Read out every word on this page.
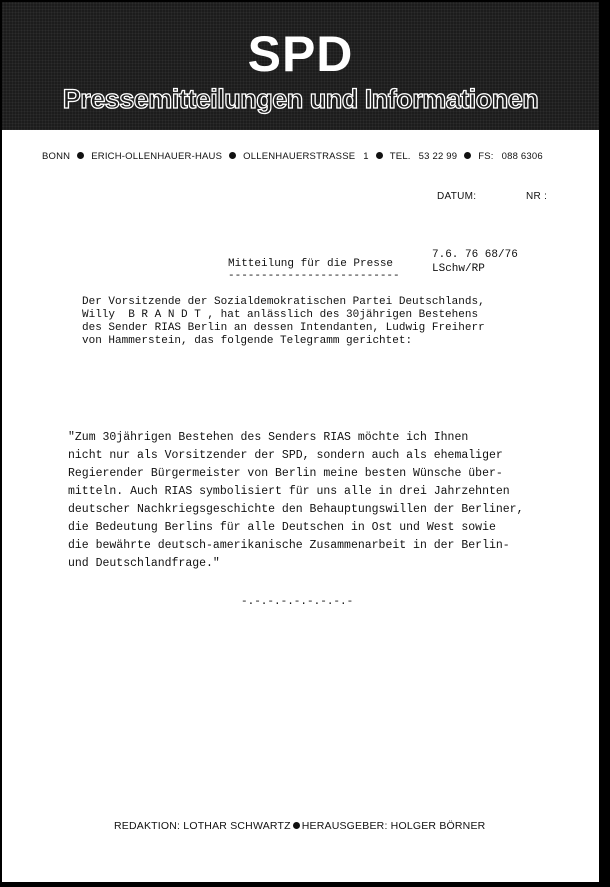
SPD
Pressemitteilungen und Informationen
BONN ERICH-OLLENHAUER-HAUS OLLENHAUERSTRASSE 1 TEL. 53 22 99 FS: 088 6306
DATUM:	NR :
Mitteilung für die Presse
--------------------------
7.6. 76 68/76
LSchw/RP
Der Vorsitzende der Sozialdemokratischen Partei Deutschlands,
Willy  B R A N D T , hat anlässlich des 30jährigen Bestehens
des Sender RIAS Berlin an dessen Intendanten, Ludwig Freiherr
von Hammerstein, das folgende Telegramm gerichtet:
"Zum 30jährigen Bestehen des Senders RIAS möchte ich Ihnen
nicht nur als Vorsitzender der SPD, sondern auch als ehemaliger
Regierender Bürgermeister von Berlin meine besten Wünsche über-
mitteln. Auch RIAS symbolisiert für uns alle in drei Jahrzehnten
deutscher Nachkriegsgeschichte den Behauptungswillen der Berliner,
die Bedeutung Berlins für alle Deutschen in Ost und West sowie
die bewährte deutsch-amerikanische Zusammenarbeit in der Berlin-
und Deutschlandfrage."
-.-.-.-.-.-.-.-.-
REDAKTION: LOTHAR SCHWARTZ HERAUSGEBER: HOLGER BÖRNER
